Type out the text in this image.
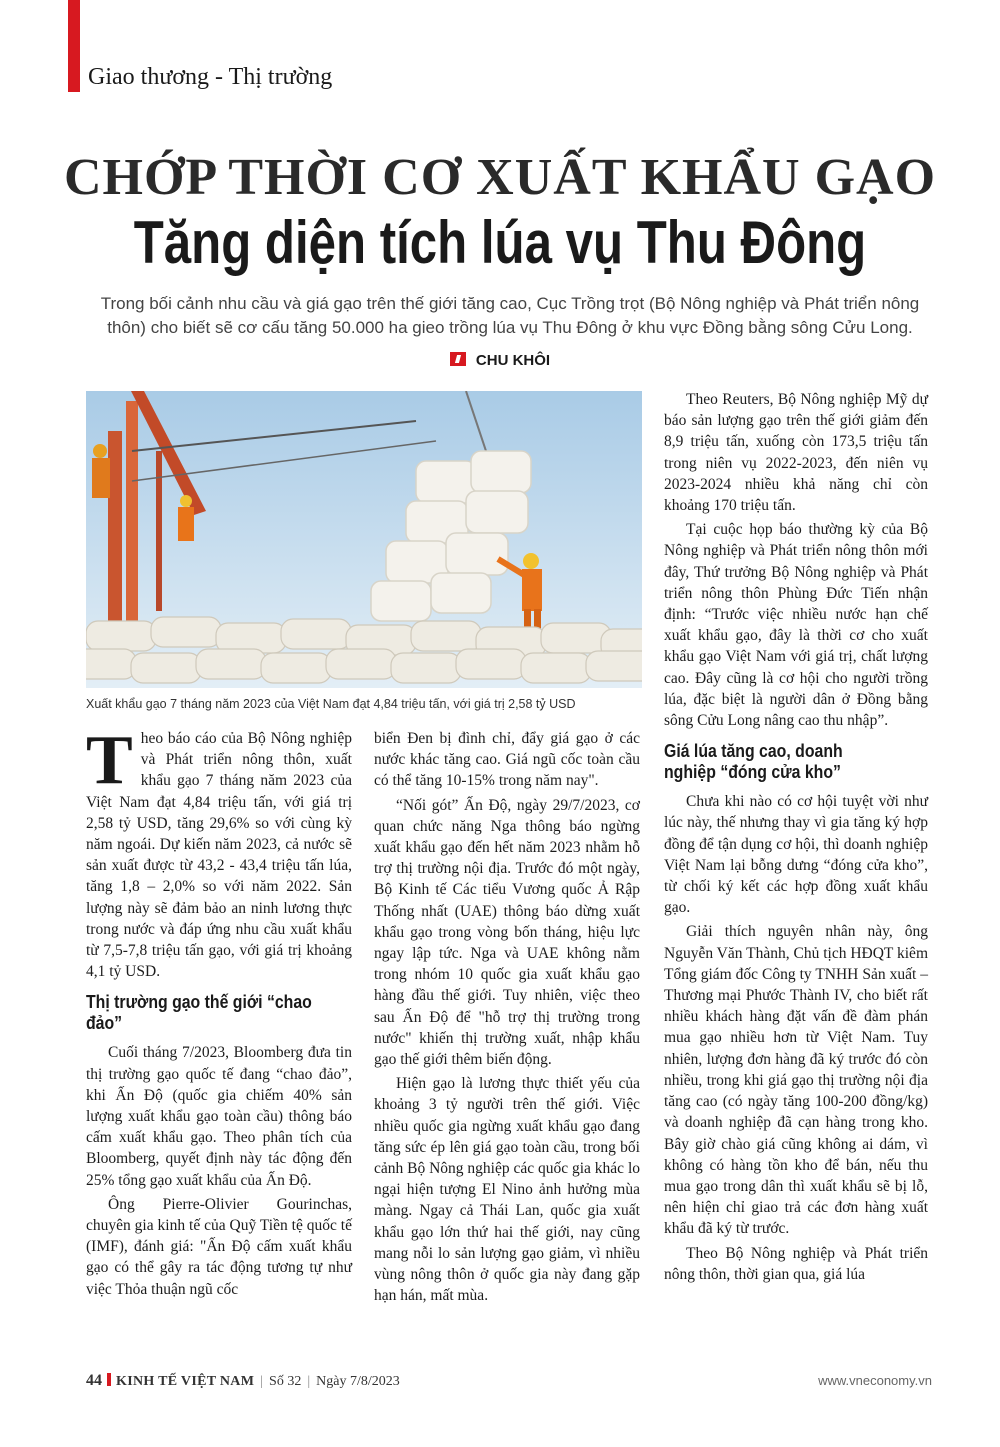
Giao thương - Thị trường
CHỚP THỜI CƠ XUẤT KHẨU GẠO
Tăng diện tích lúa vụ Thu Đông

Trong bối cảnh nhu cầu và giá gạo trên thế giới tăng cao, Cục Trồng trọt (Bộ Nông nghiệp và Phát triển nông thôn) cho biết sẽ cơ cấu tăng 50.000 ha gieo trồng lúa vụ Thu Đông ở khu vực Đồng bằng sông Cửu Long.

CHU KHÔI

Xuất khẩu gạo 7 tháng năm 2023 của Việt Nam đạt 4,84 triệu tấn, với giá trị 2,58 tỷ USD

Theo báo cáo của Bộ Nông nghiệp và Phát triển nông thôn, xuất khẩu gạo 7 tháng năm 2023 của Việt Nam đạt 4,84 triệu tấn, với giá trị 2,58 tỷ USD, tăng 29,6% so với cùng kỳ năm ngoái. Dự kiến năm 2023, cả nước sẽ sản xuất được từ 43,2 - 43,4 triệu tấn lúa, tăng 1,8 – 2,0% so với năm 2022. Sản lượng này sẽ đảm bảo an ninh lương thực trong nước và đáp ứng nhu cầu xuất khẩu từ 7,5-7,8 triệu tấn gạo, với giá trị khoảng 4,1 tỷ USD.

Thị trường gạo thế giới “chao đảo”

Cuối tháng 7/2023, Bloomberg đưa tin thị trường gạo quốc tế đang “chao đảo”, khi Ấn Độ (quốc gia chiếm 40% sản lượng xuất khẩu gạo toàn cầu) thông báo cấm xuất khẩu gạo. Theo phân tích của Bloomberg, quyết định này tác động đến 25% tổng gạo xuất khẩu của Ấn Độ.

Ông Pierre-Olivier Gourinchas, chuyên gia kinh tế của Quỹ Tiền tệ quốc tế (IMF), đánh giá: "Ấn Độ cấm xuất khẩu gạo có thể gây ra tác động tương tự như việc Thỏa thuận ngũ cốc

biển Đen bị đình chỉ, đẩy giá gạo ở các nước khác tăng cao. Giá ngũ cốc toàn cầu có thể tăng 10-15% trong năm nay".

“Nối gót” Ấn Độ, ngày 29/7/2023, cơ quan chức năng Nga thông báo ngừng xuất khẩu gạo đến hết năm 2023 nhằm hỗ trợ thị trường nội địa. Trước đó một ngày, Bộ Kinh tế Các tiểu Vương quốc Ả Rập Thống nhất (UAE) thông báo dừng xuất khẩu gạo trong vòng bốn tháng, hiệu lực ngay lập tức. Nga và UAE không nằm trong nhóm 10 quốc gia xuất khẩu gạo hàng đầu thế giới. Tuy nhiên, việc theo sau Ấn Độ để "hỗ trợ thị trường trong nước" khiến thị trường xuất, nhập khẩu gạo thế giới thêm biến động.

Hiện gạo là lương thực thiết yếu của khoảng 3 tỷ người trên thế giới. Việc nhiều quốc gia ngừng xuất khẩu gạo đang tăng sức ép lên giá gạo toàn cầu, trong bối cảnh Bộ Nông nghiệp các quốc gia khác lo ngại hiện tượng El Nino ảnh hưởng mùa màng. Ngay cả Thái Lan, quốc gia xuất khẩu gạo lớn thứ hai thế giới, nay cũng mang nỗi lo sản lượng gạo giảm, vì nhiều vùng nông thôn ở quốc gia này đang gặp hạn hán, mất mùa.

Theo Reuters, Bộ Nông nghiệp Mỹ dự báo sản lượng gạo trên thế giới giảm đến 8,9 triệu tấn, xuống còn 173,5 triệu tấn trong niên vụ 2022-2023, đến niên vụ 2023-2024 nhiều khả năng chỉ còn khoảng 170 triệu tấn.

Tại cuộc họp báo thường kỳ của Bộ Nông nghiệp và Phát triển nông thôn mới đây, Thứ trưởng Bộ Nông nghiệp và Phát triển nông thôn Phùng Đức Tiến nhận định: “Trước việc nhiều nước hạn chế xuất khẩu gạo, đây là thời cơ cho xuất khẩu gạo Việt Nam với giá trị, chất lượng cao. Đây cũng là cơ hội cho người trồng lúa, đặc biệt là người dân ở Đồng bằng sông Cửu Long nâng cao thu nhập”.

Giá lúa tăng cao, doanh nghiệp “đóng cửa kho”

Chưa khi nào có cơ hội tuyệt vời như lúc này, thế nhưng thay vì gia tăng ký hợp đồng để tận dụng cơ hội, thì doanh nghiệp Việt Nam lại bỗng dưng “đóng cửa kho”, từ chối ký kết các hợp đồng xuất khẩu gạo.

Giải thích nguyên nhân này, ông Nguyễn Văn Thành, Chủ tịch HĐQT kiêm Tổng giám đốc Công ty TNHH Sản xuất – Thương mại Phước Thành IV, cho biết rất nhiều khách hàng đặt vấn đề đàm phán mua gạo nhiều hơn từ Việt Nam. Tuy nhiên, lượng đơn hàng đã ký trước đó còn nhiều, trong khi giá gạo thị trường nội địa tăng cao (có ngày tăng 100-200 đồng/kg) và doanh nghiệp đã cạn hàng trong kho. Bây giờ chào giá cũng không ai dám, vì không có hàng tồn kho để bán, nếu thu mua gạo trong dân thì xuất khẩu sẽ bị lỗ, nên hiện chỉ giao trả các đơn hàng xuất khẩu đã ký từ trước.

Theo Bộ Nông nghiệp và Phát triển nông thôn, thời gian qua, giá lúa

44 KINH TẾ VIỆT NAM | Số 32 | Ngày 7/8/2023	www.vneconomy.vn
